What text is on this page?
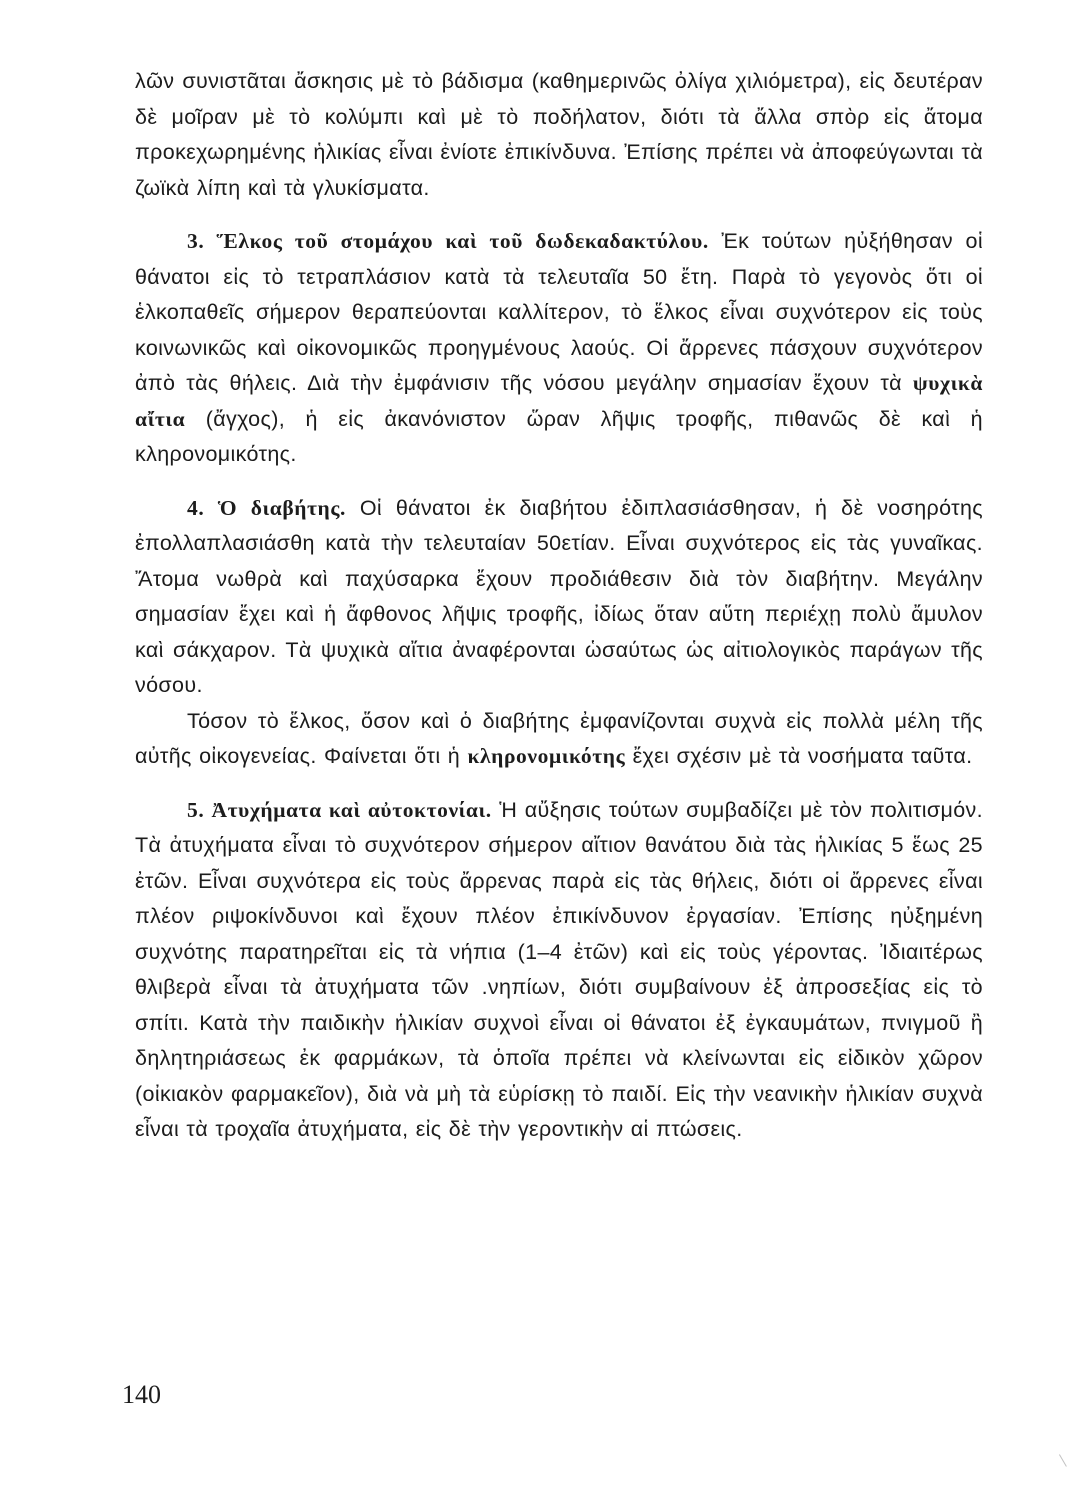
λῶν συνιστᾶται ἄσκησις μὲ τὸ βάδισμα (καθημερινῶς ὀλίγα χιλιόμετρα), εἰς δευτέραν δὲ μοῖραν μὲ τὸ κολύμπι καὶ μὲ τὸ ποδήλατον, διότι τὰ ἄλλα σπὸρ εἰς ἄτομα προκεχωρημένης ἡλικίας εἶναι ἐνίοτε ἐπικίνδυνα. Ἐπίσης πρέπει νὰ ἀποφεύγωνται τὰ ζωϊκὰ λίπη καὶ τὰ γλυκίσματα.

3. Ἕλκος τοῦ στομάχου καὶ τοῦ δωδεκαδακτύλου. Ἐκ τούτων ηὐξήθησαν οἱ θάνατοι εἰς τὸ τετραπλάσιον κατὰ τὰ τελευταῖα 50 ἔτη. Παρὰ τὸ γεγονὸς ὅτι οἱ ἑλκοπαθεῖς σήμερον θεραπεύονται καλλίτερον, τὸ ἕλκος εἶναι συχνότερον εἰς τοὺς κοινωνικῶς καὶ οἰκονομικῶς προηγμένους λαούς. Οἱ ἄρρενες πάσχουν συχνότερον ἀπὸ τὰς θήλεις. Διὰ τὴν ἐμφάνισιν τῆς νόσου μεγάλην σημασίαν ἔχουν τὰ ψυχικὰ αἴτια (ἄγχος), ἡ εἰς ἀκανόνιστον ὥραν λῆψις τροφῆς, πιθανῶς δὲ καὶ ἡ κληρονομικότης.

4. Ὁ διαβήτης. Οἱ θάνατοι ἐκ διαβήτου ἐδιπλασιάσθησαν, ἡ δὲ νοσηρότης ἐπολλαπλασιάσθη κατὰ τὴν τελευταίαν 50ετίαν. Εἶναι συχνότερος εἰς τὰς γυναῖκας. Ἄτομα νωθρὰ καὶ παχύσαρκα ἔχουν προδιάθεσιν διὰ τὸν διαβήτην. Μεγάλην σημασίαν ἔχει καὶ ἡ ἄφθονος λῆψις τροφῆς, ἰδίως ὅταν αὕτη περιέχῃ πολὺ ἄμυλον καὶ σάκχαρον. Τὰ ψυχικὰ αἴτια ἀναφέρονται ὡσαύτως ὡς αἰτιολογικὸς παράγων τῆς νόσου.

Τόσον τὸ ἕλκος, ὅσον καὶ ὁ διαβήτης ἐμφανίζονται συχνὰ εἰς πολλὰ μέλη τῆς αὐτῆς οἰκογενείας. Φαίνεται ὅτι ἡ κληρονομικότης ἔχει σχέσιν μὲ τὰ νοσήματα ταῦτα.

5. Ἀτυχήματα καὶ αὐτοκτονίαι. Ἡ αὔξησις τούτων συμβαδίζει μὲ τὸν πολιτισμόν. Τὰ ἀτυχήματα εἶναι τὸ συχνότερον σήμερον αἴτιον θανάτου διὰ τὰς ἡλικίας 5 ἕως 25 ἐτῶν. Εἶναι συχνότερα εἰς τοὺς ἄρρενας παρὰ εἰς τὰς θήλεις, διότι οἱ ἄρρενες εἶναι πλέον ριψοκίνδυνοι καὶ ἔχουν πλέον ἐπικίνδυνον ἐργασίαν. Ἐπίσης ηὐξημένη συχνότης παρατηρεῖται εἰς τὰ νήπια (1–4 ἐτῶν) καὶ εἰς τοὺς γέροντας. Ἰδιαιτέρως θλιβερὰ εἶναι τὰ ἀτυχήματα τῶν .νηπίων, διότι συμβαίνουν ἐξ ἀπροσεξίας εἰς τὸ σπίτι. Κατὰ τὴν παιδικὴν ἡλικίαν συχνοὶ εἶναι οἱ θάνατοι ἐξ ἐγκαυμάτων, πνιγμοῦ ἢ δηλητηριάσεως ἐκ φαρμάκων, τὰ ὁποῖα πρέπει νὰ κλείνωνται εἰς εἰδικὸν χῶρον (οἰκιακὸν φαρμακεῖον), διὰ νὰ μὴ τὰ εὑρίσκῃ τὸ παιδί. Εἰς τὴν νεανικὴν ἡλικίαν συχνὰ εἶναι τὰ τροχαῖα ἀτυχήματα, εἰς δὲ τὴν γεροντικὴν αἱ πτώσεις.

140
